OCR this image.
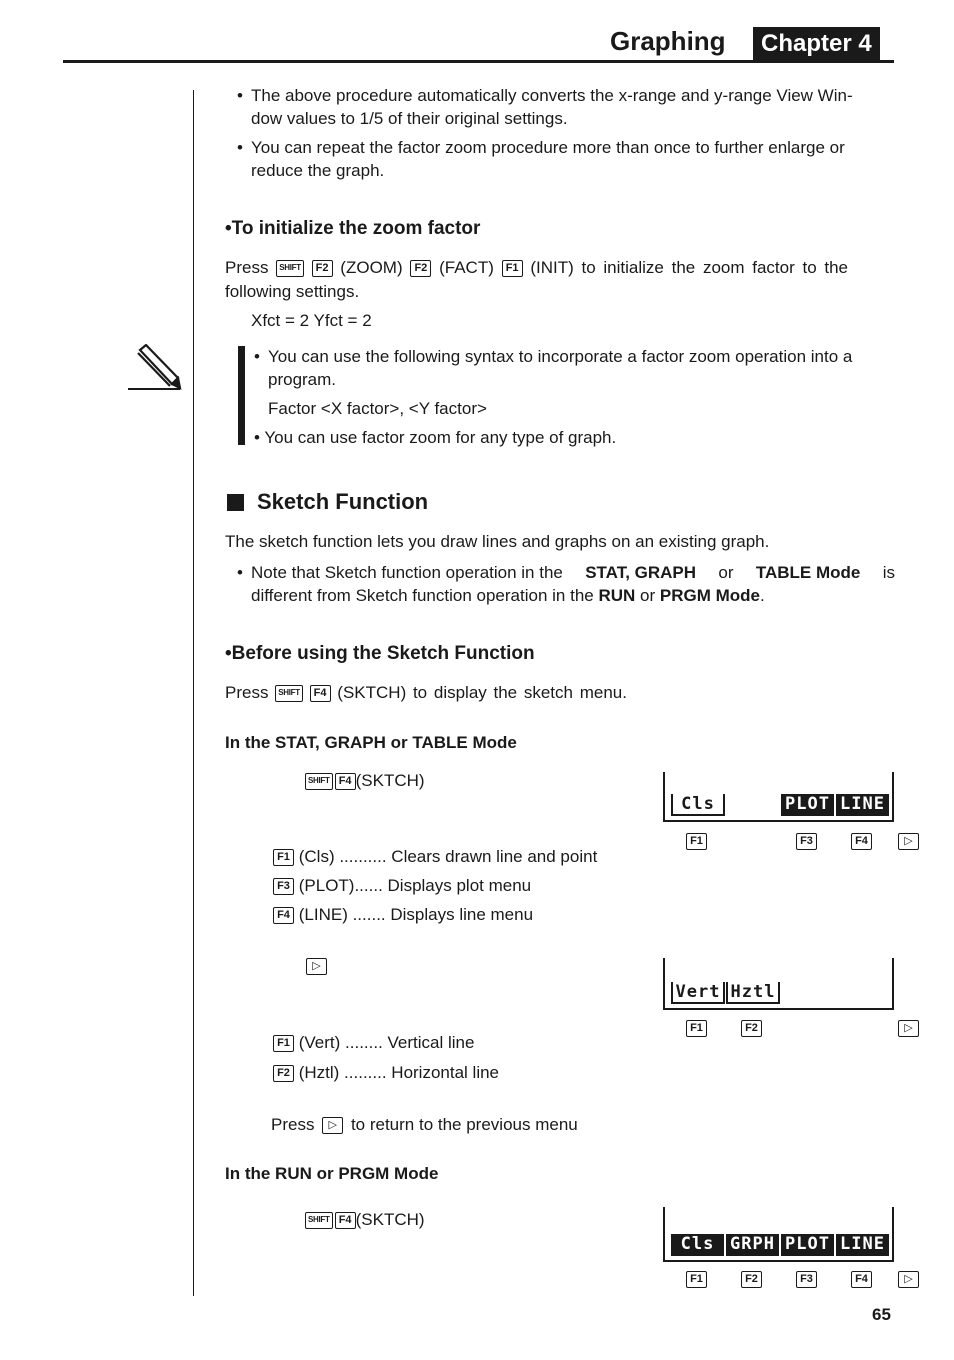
Graphing	Chapter 4
• The above procedure automatically converts the x-range and y-range View Win-
dow values to 1/5 of their original settings.
• You can repeat the factor zoom procedure more than once to further enlarge or
reduce the graph.
•To initialize the zoom factor
Press SHIFT F2 (ZOOM) F2 (FACT) F1 (INIT) to initialize the zoom factor to the
following settings.
Xfct = 2 Yfct = 2
• You can use the following syntax to incorporate a factor zoom operation into a
program.
Factor <X factor>, <Y factor>
• You can use factor zoom for any type of graph.
Sketch Function
The sketch function lets you draw lines and graphs on an existing graph.
• Note that Sketch function operation in the STAT, GRAPH or TABLE Mode is
different from Sketch function operation in the RUN or PRGM Mode.
•Before using the Sketch Function
Press SHIFT F4 (SKTCH) to display the sketch menu.
In the STAT, GRAPH or TABLE Mode
SHIFT F4 (SKTCH)
F1 (Cls) .......... Clears drawn line and point
F3 (PLOT)...... Displays plot menu
F4 (LINE) ....... Displays line menu
▷
F1 (Vert) ........ Vertical line
F2 (Hztl) ......... Horizontal line
Press ▷ to return to the previous menu
In the RUN or PRGM Mode
SHIFT F4 (SKTCH)
Cls	PLOT LINE
F1	F3	F4	▷
Vert Hztl
F1	F2	▷
Cls GRPH PLOT LINE
F1	F2	F3	F4	▷
65
